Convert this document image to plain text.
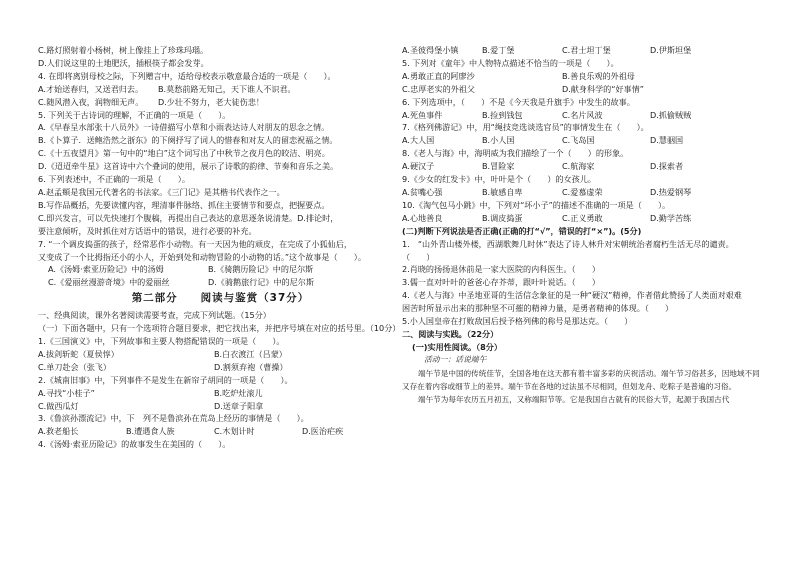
C.路灯照射着小杨树，树上像挂上了珍珠玛瑙。
D.人们说这里的土地肥沃，插根筷子都会发芽。
4. 在即将离别母校之际，下列赠言中，适给母校表示敬意最合适的一项是（　　）。
A.才始送春归，又送君归去。	B.莫愁前路无知己，天下谁人不识君。
C.随风潜入夜，润物细无声。	D.少壮不努力，老大徒伤悲！
5. 下列关于古诗词的理解，不正确的一项是（　　）。
A.《早春呈水部张十八员外》一诗借描写小草和小雨表达诗人对朋友的思念之情。
B.《卜算子．送鲍浩然之浙东》的下阕抒写了词人的惜春和对友人的留恋祝福之情。
C.《十五夜望月》第一句中的“地白”这个词写出了中秋节之夜月色的皎洁、明亮。
D.《迢迢牵牛星》这首诗中六个叠词的使用，展示了诗歌的韵律、节奏和音乐之美。
6. 下列表述中，不正确的一项是（　　）。
A.赵孟頫是我国元代著名的书法家。《三门记》是其楷书代表作之一。
B.写作品概括，先要读懂内容，理清事件脉络、抓住主要情节和要点，把握要点。
C.即兴发言，可以先快速打个腹稿，再提出自己表达的意思逐条说清楚。D.排论时，
要注意倾听，及时抓住对方话语中的错误，进行必要的补充。
7. “一个调皮捣蛋的孩子，经常恶作小动物。有一天因为他的顽皮，在完成了小狐仙后，
又变成了一个比拇指还小的小人，开始到处和动物冒险的小动物的话。”这个故事是（　　）。
A.《汤姆·索亚历险记》中的汤姆	B.《骑鹅历险记》中的尼尔斯
C.《爱丽丝漫游奇境》中的爱丽丝	D.《骑鹅旅行记》中的尼尔斯
第二部分　　阅读与鉴赏（37分）
一、经典阅读，课外名著阅读需要考查，完成下列试题。（15分）
（一）下面各题中，只有一个选项符合题目要求，把它找出来，并把序号填在对应的括号里。（10分）
1.《三国演义》中，下列故事和主要人物搭配错误的一项是（　　）。
A.拔剑斩蛇（夏侯惇）	B.白衣渡江（吕蒙）
C.单刀赴会（张飞）	D.割须弃袍（曹操）
2.《城南旧事》中，下列事件不是发生在新帘子胡同的一项是（　　）。
A.寻找“小桂子”	B.吃炉灶滚儿
C.做西瓜灯	D.送章子阳拿
3.《鲁滨孙漂流记》中，下　列不是鲁滨孙在荒岛上经历的事情是（　　）。
A.救老船长	B.遭遇食人族	C.木划计时	D.医治疟疾
4.《汤姆·索亚历险记》的故事发生在美国的（　　）。
A.圣彼得堡小镇	B.爱丁堡	C.君士坦丁堡	D.伊斯坦堡
5. 下列对《童年》中人物特点描述不恰当的一项是（　　）。
A.勇敢正直的阿廖沙	B.善良乐观的外祖母
C.忠厚老实的外祖父	D.献身科学的“好事情”
6. 下列选项中，（　　）不是《今天我是升旗手》中发生的故事。
A.死鱼事件	B.捡到钱包	C.名片风波	D.抓偷贼贼
7.《格列佛游记》中，用“绳技竞选谈选官员”的事情发生在（　　）。
A.大人国	B.小人国	C.飞岛国	D.慧骃国
8.《老人与海》中，海明威为我们描绘了一个（　　）的形象。
A.硬汉子	B.冒险家	C.航海家	D.探索者
9.《少女的红发卡》中，叶叶是个（　　）的女孩儿。
A.贫嘴心强	B.敏感自卑	C.爱慕虚荣	D.热爱钢琴
10.《淘气包马小跳》中，下列对“坏小子”的描述不准确的一项是（　　）。
A.心地善良	B.调皮捣蛋	C.正义勇敢	D.勤学苦练
(二)判断下列说法是否正确(正确的打“√”，错误的打“×”)。(5分)
1.　“山外青山楼外楼，西湖歌舞几时休”表达了诗人林升对宋朝统治者腐朽生活无尽的谴责。
（　　）
2.肖晓的扬扬退休前是一家大医院的内科医生。（　　）
3.儒一直对叶叶的爸爸心存芥蒂，跟叶叶说话。（　　）
4.《老人与海》中圣地亚哥的生活信念象征的是一种“硬汉”精神，作者借此赞扬了人类面对艰难
困苦时所显示出来的那种坚不可摧的精神力量，是勇者精神的体现。（　　）
5.小人国皇帝在打败敌国后授予格列佛的称号是那达克。（　　）
二、阅读与实践。（22分）
(一)实用性阅读。（8分）
活动一：话说端午
端午节是中国的传统佳节，全国各地在这天都有着丰富多彩的庆祝活动。端午节习俗甚多，因地域不同又存在着内容或细节上的差异。端午节在各地的过法虽不尽相同，但划龙舟、吃粽子是普遍的习俗。
端午节为每年农历五月初五，又称端阳节等。它是我国自古就有的民俗大节，起源于我国古代
